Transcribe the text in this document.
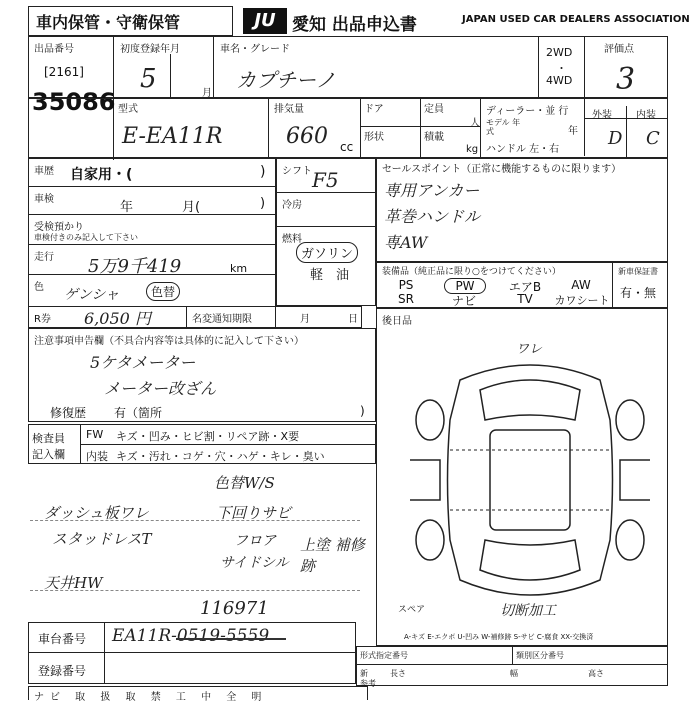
車内保管・守衛保管	JU 愛知 出品申込書	JAPAN USED CAR DEALERS ASSOCIATION
出品番号
[2161]
35086
初度登録年月
5	月
車名・グレード
カプチーノ
2WD
・
4WD
評価点
3
型式
E-EA11R
排気量
660 cc
ドア	定員
人
形状	積載
kg
ディーラー・並 行
モデル 年式	年
ハンドル 左・右
外装 内装
D C
車歴 自家用・(	)
車検
年	月(	)
受検預かり
車検付きのみ記入して下さい
走行 5万9千419	km
色 ゲンシャ	色替
R券 6,050 円	名変通知期限	月	日
シフト F5
冷房
燃料
ガソリン
軽　油
セールスポイント（正常に機能するものに限ります）
専用アンカー
革巻ハンドル
専AW
装備品（純正品に限り○をつけてください）	新車保証書
有・無
PS	PW	エアB	AW
SR	ナビ	TV	カワシート
注意事項申告欄（不具合内容等は具体的に記入して下さい）
5ケタメーター
メーター改ざん
修復歴 有（箇所	)
検査員
記入欄
FW キズ・凹み・ヒビ割・リペア跡・X要
内装 キズ・汚れ・コゲ・穴・ハゲ・キレ・臭い
色替W/S
ダッシュ板ワレ	下回りサビ
スタッドレスT	フロア
サイドシル
上塗 補修跡
天井HW
116971
後日品
ワレ
スペア	切断加工
A-キズ E-エクボ U-凹み W-補修跡 S-サビ C-腐食 XX-交換済
形式指定番号	類別区分番号
新	長さ	幅	高さ
参考
車台番号 EA11R-0519-5559
登録番号
ナビ 取 扱 取 禁 工 中 全 明
